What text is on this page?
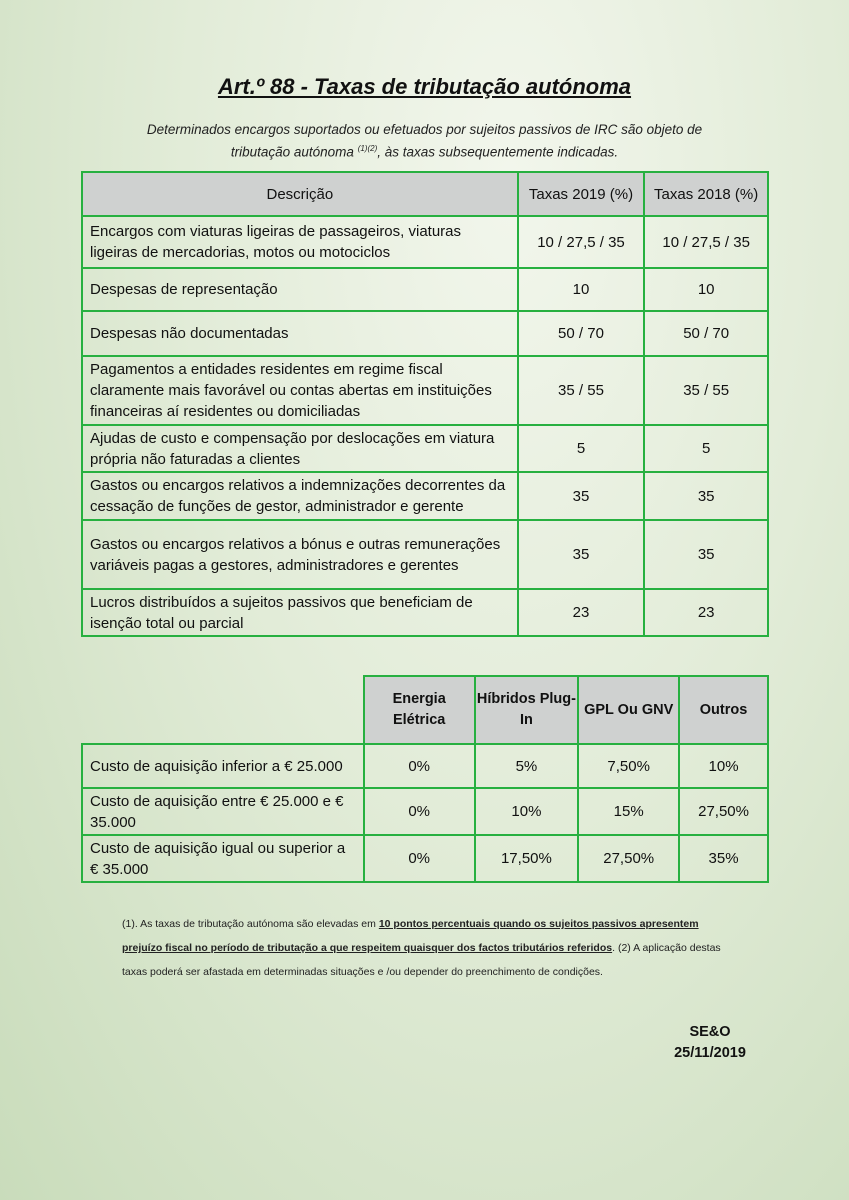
Art.º 88 - Taxas de tributação autónoma
Determinados encargos suportados ou efetuados por sujeitos passivos de IRC são objeto de
tributação autónoma $^{(1)(2)}$, às taxas subsequentemente indicadas.
Descrição	Taxas 2019 (%)	Taxas 2018 (%)
Encargos com viaturas ligeiras de passageiros, viaturas ligeiras de mercadorias, motos ou motociclos	10 / 27,5 / 35	10 / 27,5 / 35
Despesas de representação	10	10
Despesas não documentadas	50 / 70	50 / 70
Pagamentos a entidades residentes em regime fiscal claramente mais favorável ou contas abertas em instituições financeiras aí residentes ou domiciliadas	35 / 55	35 / 55
Ajudas de custo e compensação por deslocações em viatura própria não faturadas a clientes	5	5
Gastos ou encargos relativos a indemnizações decorrentes da cessação de funções de gestor, administrador e gerente	35	35
Gastos ou encargos relativos a bónus e outras remunerações variáveis pagas a gestores, administradores e gerentes	35	35
Lucros distribuídos a sujeitos passivos que beneficiam de isenção total ou parcial	23	23
	Energia Elétrica	Híbridos Plug-In	GPL Ou GNV	Outros
Custo de aquisição inferior a € 25.000	0%	5%	7,50%	10%
Custo de aquisição entre € 25.000 e € 35.000	0%	10%	15%	27,50%
Custo de aquisição igual ou superior a € 35.000	0%	17,50%	27,50%	35%
(1). As taxas de tributação autónoma são elevadas em 10 pontos percentuais quando os sujeitos passivos apresentem prejuízo fiscal no período de tributação a que respeitem quaisquer dos factos tributários referidos. (2) A aplicação destas taxas poderá ser afastada em determinadas situações e /ou depender do preenchimento de condições.
SE&O
25/11/2019
